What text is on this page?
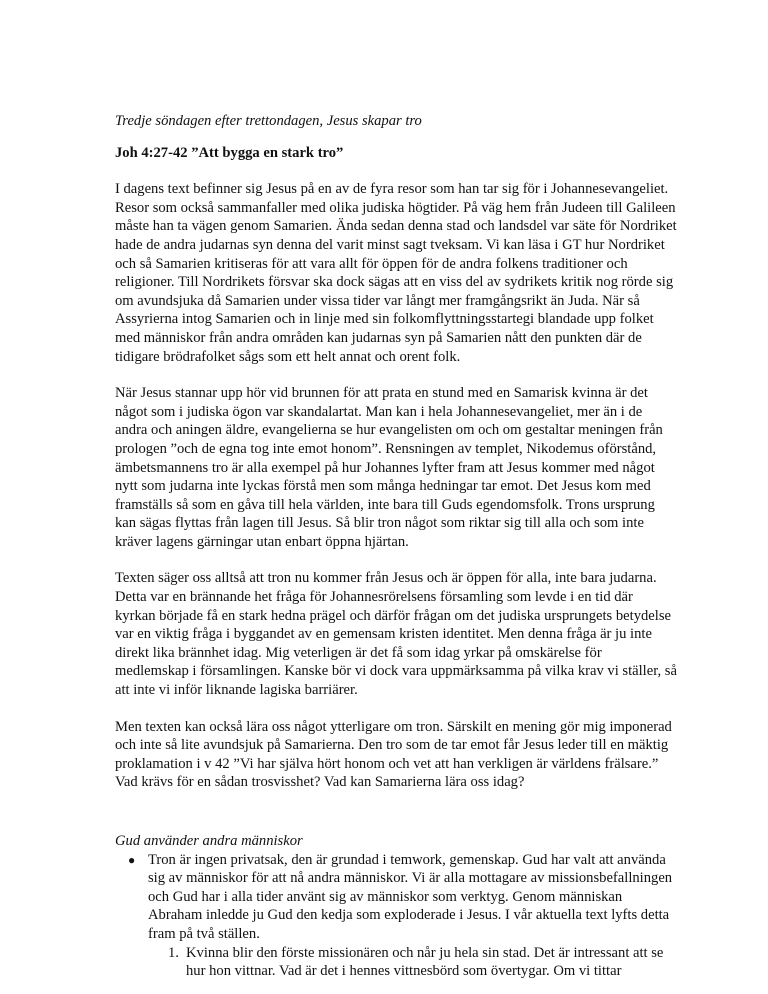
Tredje söndagen efter trettondagen, Jesus skapar tro

Joh 4:27-42 ”Att bygga en stark tro”

I dagens text befinner sig Jesus på en av de fyra resor som han tar sig för i Johannesevangeliet. Resor som också sammanfaller med olika judiska högtider. På väg hem från Judeen till Galileen måste han ta vägen genom Samarien. Ända sedan denna stad och landsdel var säte för Nordriket hade de andra judarnas syn denna del varit minst sagt tveksam. Vi kan läsa i GT hur Nordriket och så Samarien kritiseras för att vara allt för öppen för de andra folkens traditioner och religioner. Till Nordrikets försvar ska dock sägas att en viss del av sydrikets kritik nog rörde sig om avundsjuka då Samarien under vissa tider var långt mer framgångsrikt än Juda. När så Assyrierna intog Samarien och in linje med sin folkomflyttningsstartegi blandade upp folket med människor från andra områden kan judarnas syn på Samarien nått den punkten där de tidigare brödrafolket sågs som ett helt annat och orent folk.

När Jesus stannar upp hör vid brunnen för att prata en stund med en Samarisk kvinna är det något som i judiska ögon var skandalartat. Man kan i hela Johannesevangeliet, mer än i de andra och aningen äldre, evangelierna se hur evangelisten om och om gestaltar meningen från prologen ”och de egna tog inte emot honom”. Rensningen av templet, Nikodemus oförstånd, ämbetsmannens tro är alla exempel på hur Johannes lyfter fram att Jesus kommer med något nytt som judarna inte lyckas förstå men som många hedningar tar emot. Det Jesus kom med framställs så som en gåva till hela världen, inte bara till Guds egendomsfolk. Trons ursprung kan sägas flyttas från lagen till Jesus. Så blir tron något som riktar sig till alla och som inte kräver lagens gärningar utan enbart öppna hjärtan.

Texten säger oss alltså att tron nu kommer från Jesus och är öppen för alla, inte bara judarna. Detta var en brännande het fråga för Johannesrörelsens församling som levde i en tid där kyrkan började få en stark hedna prägel och därför frågan om det judiska ursprungets betydelse var en viktig fråga i byggandet av en gemensam kristen identitet. Men denna fråga är ju inte direkt lika brännhet idag. Mig veterligen är det få som idag yrkar på omskärelse för medlemskap i församlingen. Kanske bör vi dock vara uppmärksamma på vilka krav vi ställer, så att inte vi inför liknande lagiska barriärer.

Men texten kan också lära oss något ytterligare om tron. Särskilt en mening gör mig imponerad och inte så lite avundsjuk på Samarierna. Den tro som de tar emot får Jesus leder till en mäktig proklamation i v 42 ”Vi har själva hört honom och vet att han verkligen är världens frälsare.” Vad krävs för en sådan trosvisshet? Vad kan Samarierna lära oss idag?

Gud använder andra människor

● Tron är ingen privatsak, den är grundad i temwork, gemenskap. Gud har valt att använda sig av människor för att nå andra människor. Vi är alla mottagare av missionsbefallningen och Gud har i alla tider använt sig av människor som verktyg. Genom människan Abraham inledde ju Gud den kedja som exploderade i Jesus. I vår aktuella text lyfts detta fram på två ställen.
1. Kvinna blir den förste missionären och når ju hela sin stad. Det är intressant att se hur hon vittnar. Vad är det i hennes vittnesbörd som övertygar. Om vi tittar
